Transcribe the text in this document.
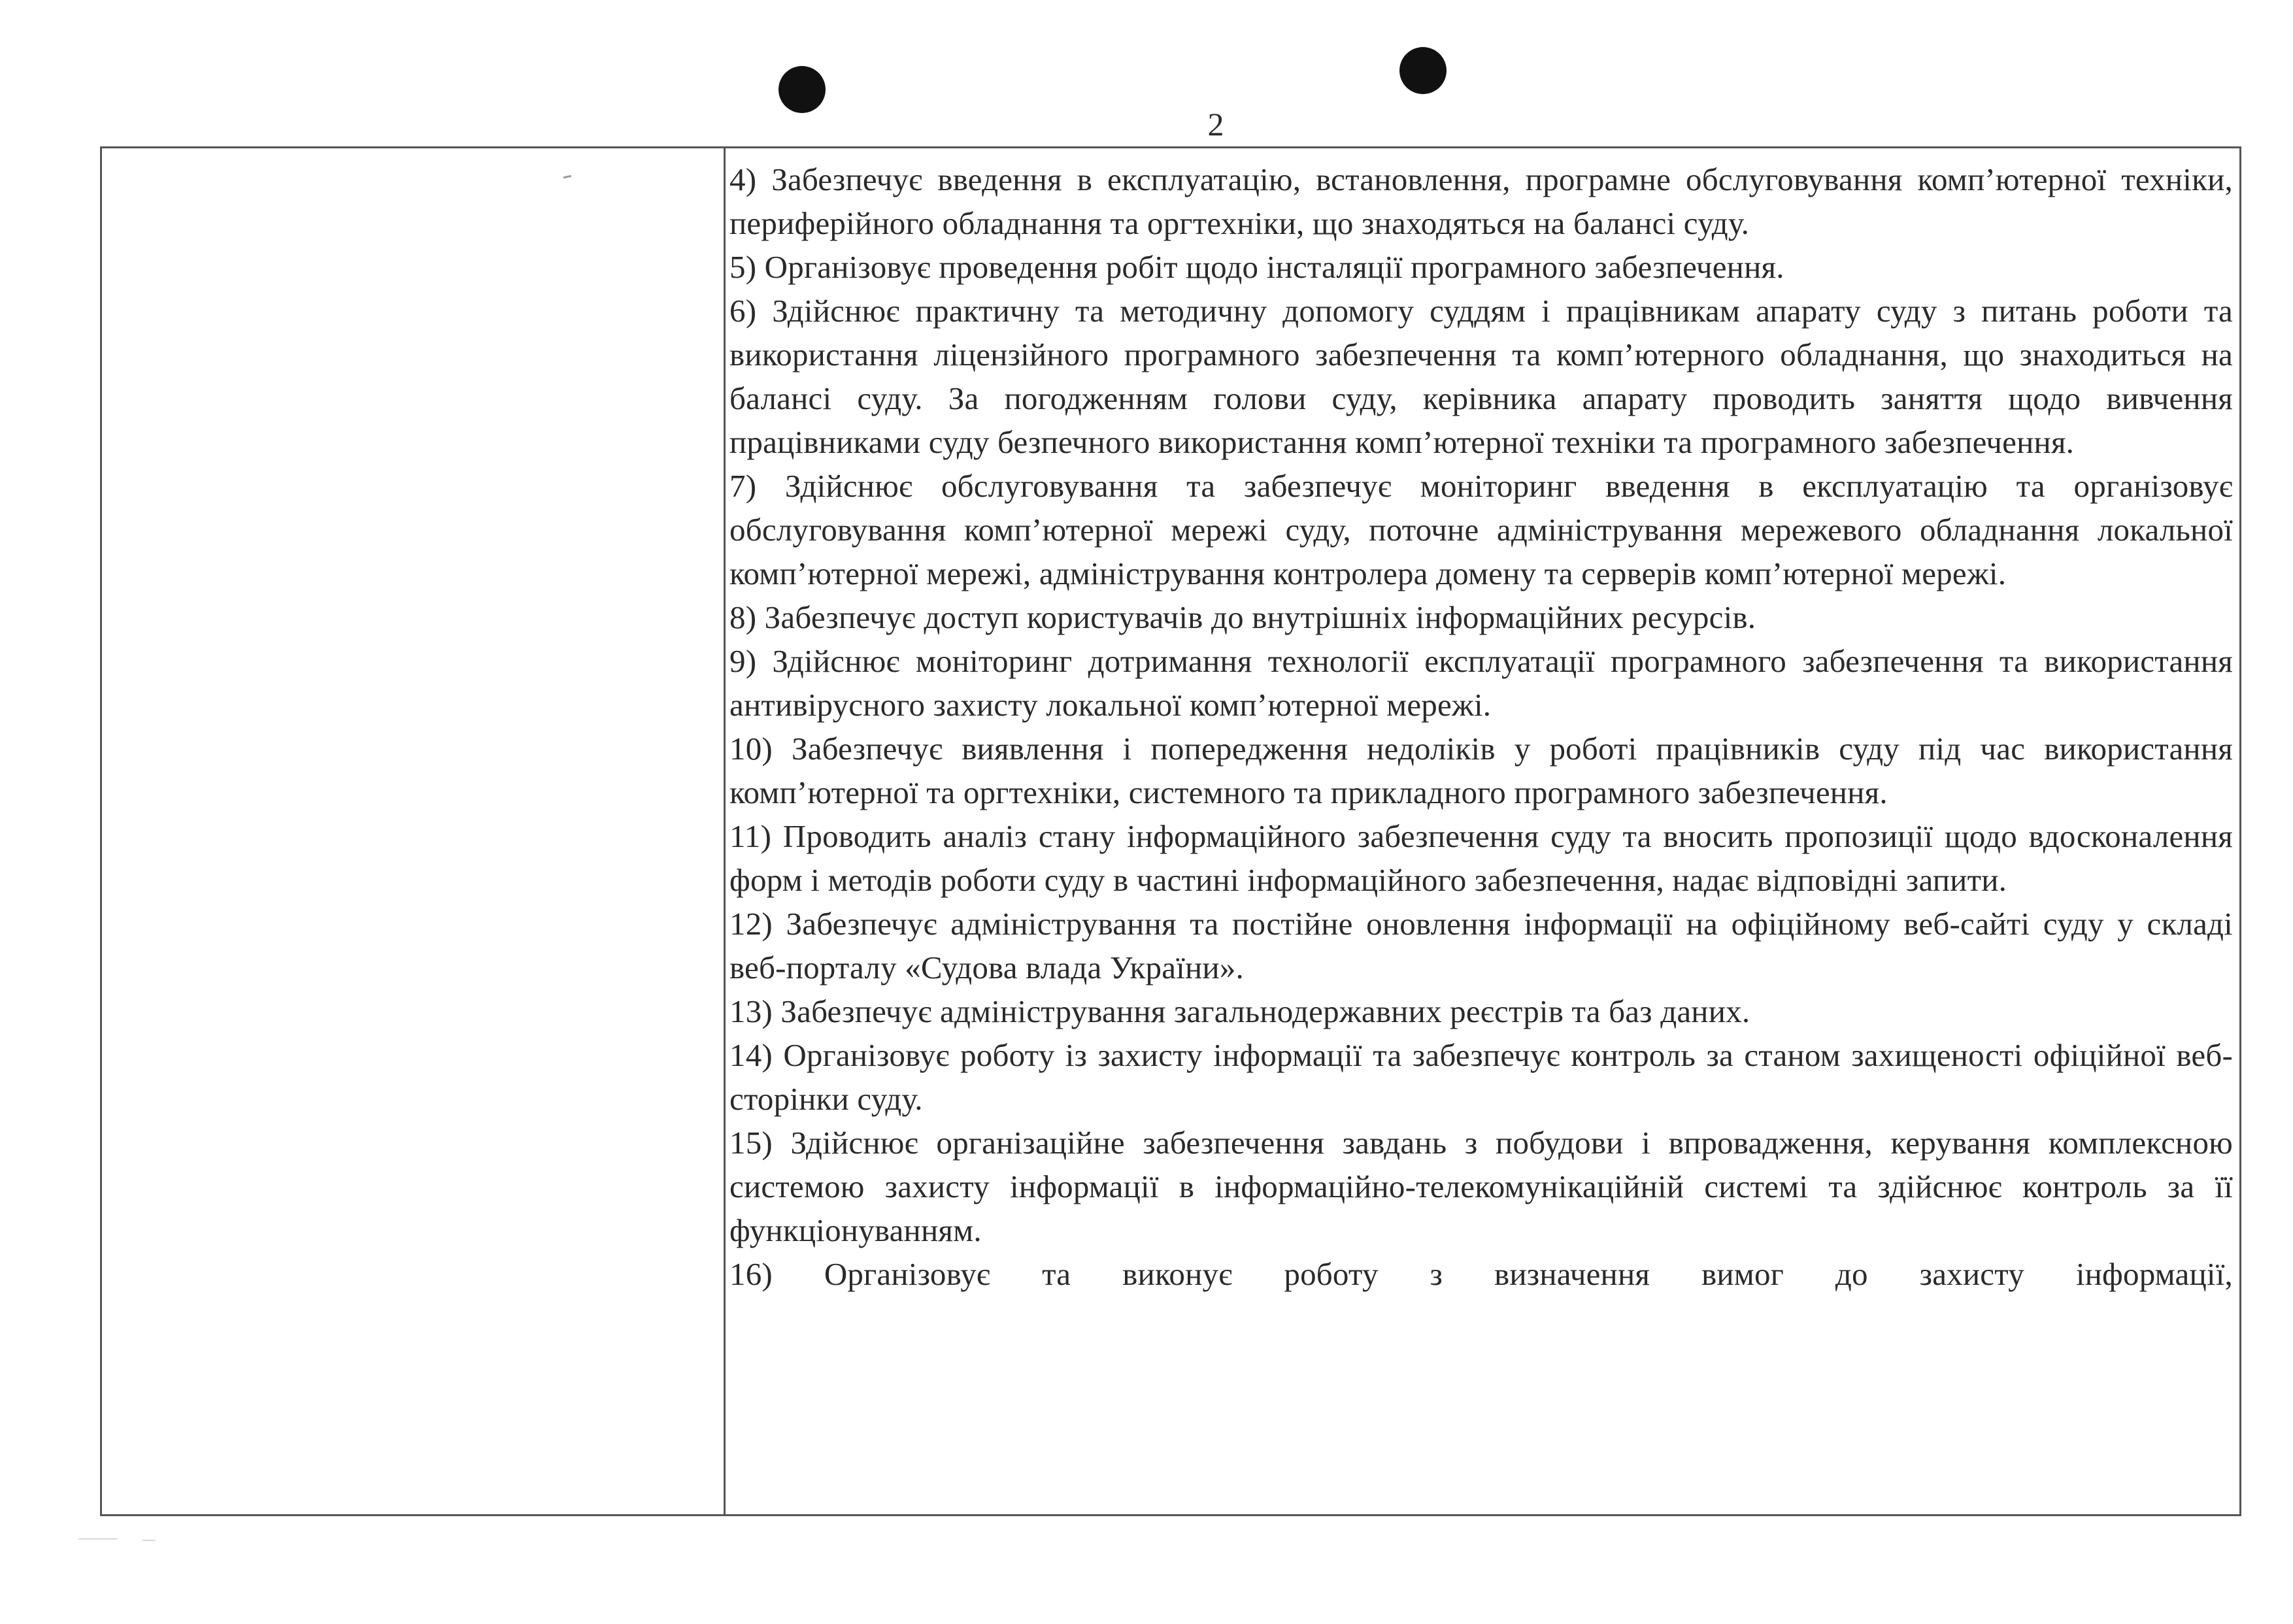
2

4) Забезпечує введення в експлуатацію, встановлення, програмне обслуговування комп’ютерної техніки, периферійного обладнання та оргтехніки, що знаходяться на балансі суду.

5) Організовує проведення робіт щодо інсталяції програмного забезпечення.

6) Здійснює практичну та методичну допомогу суддям і працівникам апарату суду з питань роботи та використання ліцензійного програмного забезпечення та комп’ютерного обладнання, що знаходиться на балансі суду. За погодженням голови суду, керівника апарату проводить заняття щодо вивчення працівниками суду безпечного використання комп’ютерної техніки та програмного забезпечення.

7) Здійснює обслуговування та забезпечує моніторинг введення в експлуатацію та організовує обслуговування комп’ютерної мережі суду, поточне адміністрування мережевого обладнання локальної комп’ютерної мережі, адміністрування контролера домену та серверів комп’ютерної мережі.

8) Забезпечує доступ користувачів до внутрішніх інформаційних ресурсів.

9) Здійснює моніторинг дотримання технології експлуатації програмного забезпечення та використання антивірусного захисту локальної комп’ютерної мережі.

10) Забезпечує виявлення і попередження недоліків у роботі працівників суду під час використання комп’ютерної та оргтехніки, системного та прикладного програмного забезпечення.

11) Проводить аналіз стану інформаційного забезпечення суду та вносить пропозиції щодо вдосконалення форм і методів роботи суду в частині інформаційного забезпечення, надає відповідні запити.

12) Забезпечує адміністрування та постійне оновлення інформації на офіційному веб-сайті суду у складі веб-порталу «Судова влада України».

13) Забезпечує адміністрування загальнодержавних реєстрів та баз даних.

14) Організовує роботу із захисту інформації та забезпечує контроль за станом захищеності офіційної веб-сторінки суду.

15) Здійснює організаційне забезпечення завдань з побудови і впровадження, керування комплексною системою захисту інформації в інформаційно-телекомунікаційній системі та здійснює контроль за її функціонуванням.

16) Організовує та виконує роботу з визначення вимог до захисту інформації,
